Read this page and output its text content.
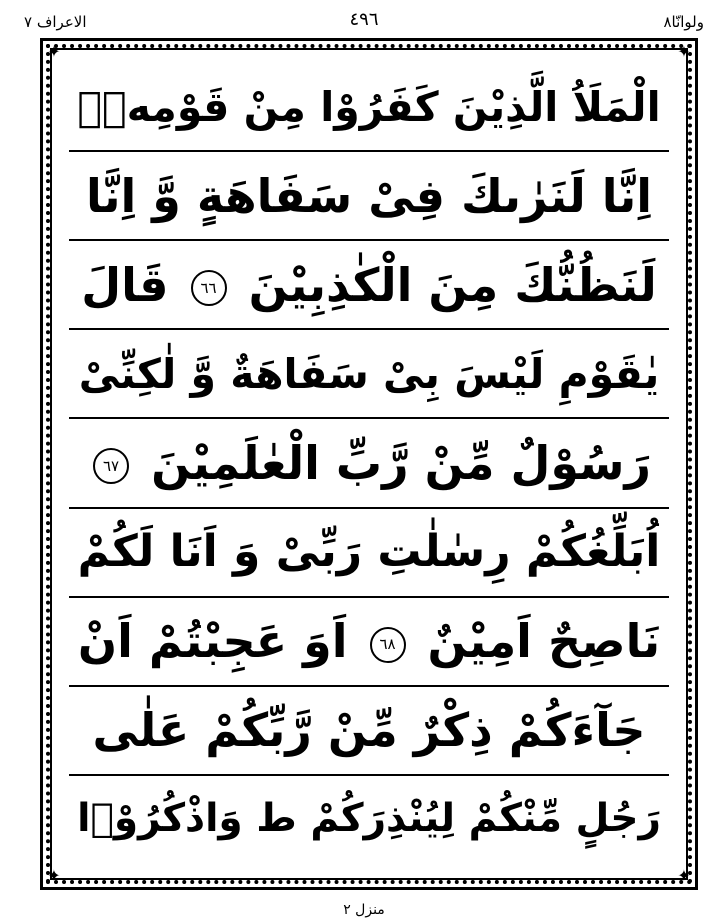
ولوانّا٨
٤٩٦
الاعراف ٧
✦	✦
✦	✦
الْمَلَاُ الَّذِیْنَ كَفَرُوْا مِنْ قَوْمِهٖۤ
اِنَّا لَنَرٰىكَ فِیْ سَفَاهَةٍ وَّ اِنَّا
لَنَظُنُّكَ مِنَ الْكٰذِبِیْنَ ٦٦ قَالَ
یٰقَوْمِ لَیْسَ بِیْ سَفَاهَةٌ وَّ لٰكِنِّیْ
رَسُوْلٌ مِّنْ رَّبِّ الْعٰلَمِیْنَ ٦٧
اُبَلِّغُكُمْ رِسٰلٰتِ رَبِّیْ وَ اَنَا لَكُمْ
نَاصِحٌ اَمِیْنٌ ٦٨ اَوَ عَجِبْتُمْ اَنْ
جَآءَكُمْ ذِكْرٌ مِّنْ رَّبِّكُمْ عَلٰى
رَجُلٍ مِّنْكُمْ لِیُنْذِرَكُمْ ط وَاذْكُرُوْۤا
منزل ٢
